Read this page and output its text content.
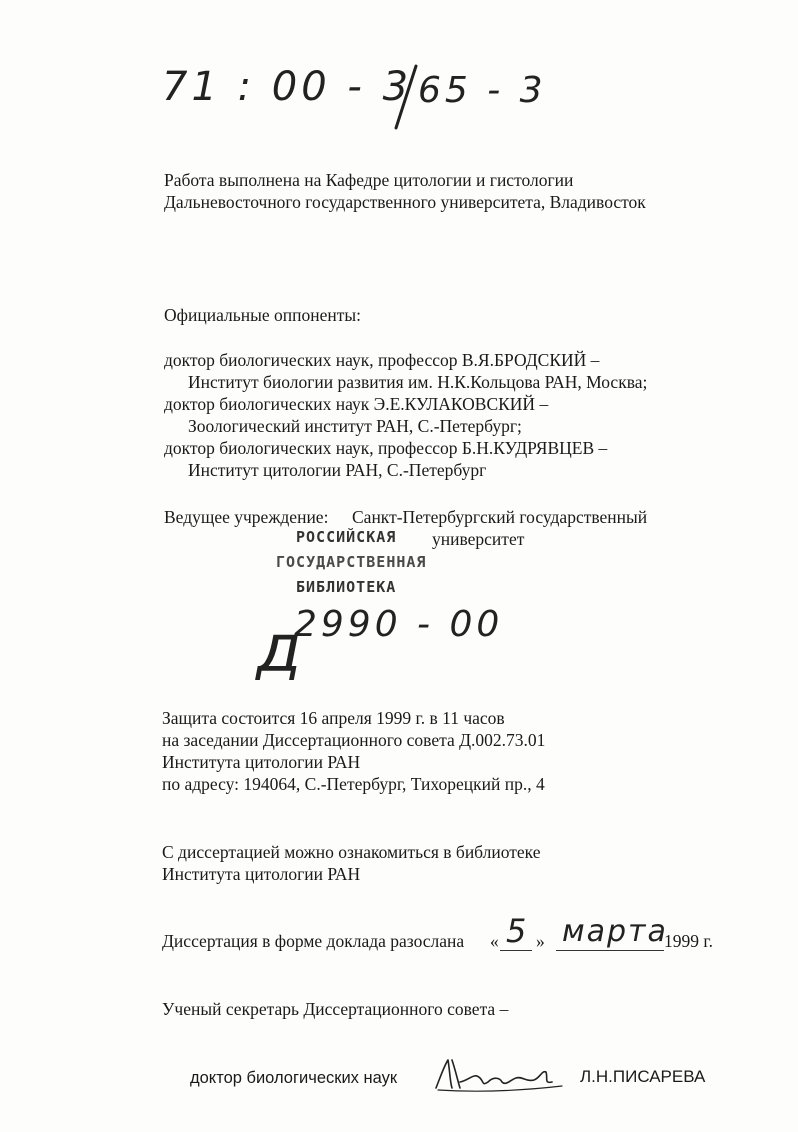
71 : 00 - 3 65 - 3
Работа выполнена на Кафедре цитологии и гистологии
Дальневосточного государственного университета, Владивосток
Официальные оппоненты:
доктор биологических наук, профессор В.Я.БРОДСКИЙ –
Институт биологии развития им. Н.К.Кольцова РАН, Москва;
доктор биологических наук Э.Е.КУЛАКОВСКИЙ –
Зоологический институт РАН, С.-Петербург;
доктор биологических наук, профессор Б.Н.КУДРЯВЦЕВ –
Институт цитологии РАН, С.-Петербург
Ведущее учреждение: Санкт-Петербургский государственный
университет
РОССИЙСКАЯ
ГОСУДАРСТВЕННАЯ
БИБЛИОТЕКА
д
2990 - 00
Защита состоится 16 апреля 1999 г. в 11 часов
на заседании Диссертационного совета Д.002.73.01
Института цитологии РАН
по адресу: 194064, С.-Петербург, Тихорецкий пр., 4
С диссертацией можно ознакомиться в библиотеке
Института цитологии РАН
Диссертация в форме доклада разослана « 5 » марта
1999 г.
Ученый секретарь Диссертационного совета –
доктор биологических наук	Л.Н.ПИСАРЕВА
